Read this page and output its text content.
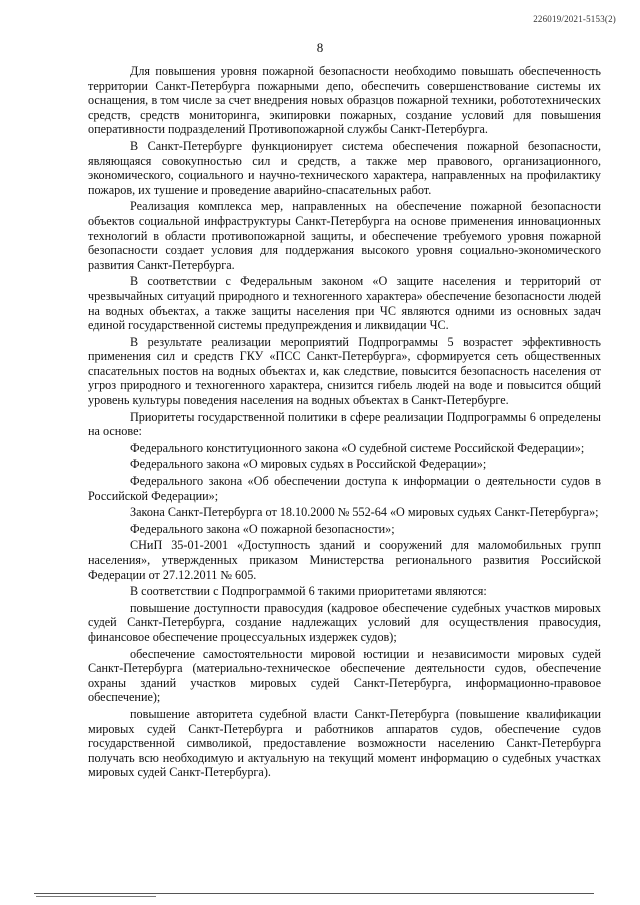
226019/2021-5153(2)
8

Для повышения уровня пожарной безопасности необходимо повышать обеспеченность территории Санкт-Петербурга пожарными депо, обеспечить совершенствование системы их оснащения, в том числе за счет внедрения новых образцов пожарной техники, робототехнических средств, средств мониторинга, экипировки пожарных, создание условий для повышения оперативности подразделений Противопожарной службы Санкт-Петербурга.

В Санкт-Петербурге функционирует система обеспечения пожарной безопасности, являющаяся совокупностью сил и средств, а также мер правового, организационного, экономического, социального и научно-технического характера, направленных на профилактику пожаров, их тушение и проведение аварийно-спасательных работ.

Реализация комплекса мер, направленных на обеспечение пожарной безопасности объектов социальной инфраструктуры Санкт-Петербурга на основе применения инновационных технологий в области противопожарной защиты, и обеспечение требуемого уровня пожарной безопасности создает условия для поддержания высокого уровня социально-экономического развития Санкт-Петербурга.

В соответствии с Федеральным законом «О защите населения и территорий от чрезвычайных ситуаций природного и техногенного характера» обеспечение безопасности людей на водных объектах, а также защиты населения при ЧС являются одними из основных задач единой государственной системы предупреждения и ликвидации ЧС.

В результате реализации мероприятий Подпрограммы 5 возрастет эффективность применения сил и средств ГКУ «ПСС Санкт-Петербурга», сформируется сеть общественных спасательных постов на водных объектах и, как следствие, повысится безопасность населения от угроз природного и техногенного характера, снизится гибель людей на воде и повысится общий уровень культуры поведения населения на водных объектах в Санкт-Петербурге.

Приоритеты государственной политики в сфере реализации Подпрограммы 6 определены на основе:

Федерального конституционного закона «О судебной системе Российской Федерации»;

Федерального закона «О мировых судьях в Российской Федерации»;

Федерального закона «Об обеспечении доступа к информации о деятельности судов в Российской Федерации»;

Закона Санкт-Петербурга от 18.10.2000 № 552-64 «О мировых судьях Санкт-Петербурга»;

Федерального закона «О пожарной безопасности»;

СНиП 35-01-2001 «Доступность зданий и сооружений для маломобильных групп населения», утвержденных приказом Министерства регионального развития Российской Федерации от 27.12.2011 № 605.

В соответствии с Подпрограммой 6 такими приоритетами являются:

повышение доступности правосудия (кадровое обеспечение судебных участков мировых судей Санкт-Петербурга, создание надлежащих условий для осуществления правосудия, финансовое обеспечение процессуальных издержек судов);

обеспечение самостоятельности мировой юстиции и независимости мировых судей Санкт-Петербурга (материально-техническое обеспечение деятельности судов, обеспечение охраны зданий участков мировых судей Санкт-Петербурга, информационно-правовое обеспечение);

повышение авторитета судебной власти Санкт-Петербурга (повышение квалификации мировых судей Санкт-Петербурга и работников аппаратов судов, обеспечение судов государственной символикой, предоставление возможности населению Санкт-Петербурга получать всю необходимую и актуальную на текущий момент информацию о судебных участках мировых судей Санкт-Петербурга).
